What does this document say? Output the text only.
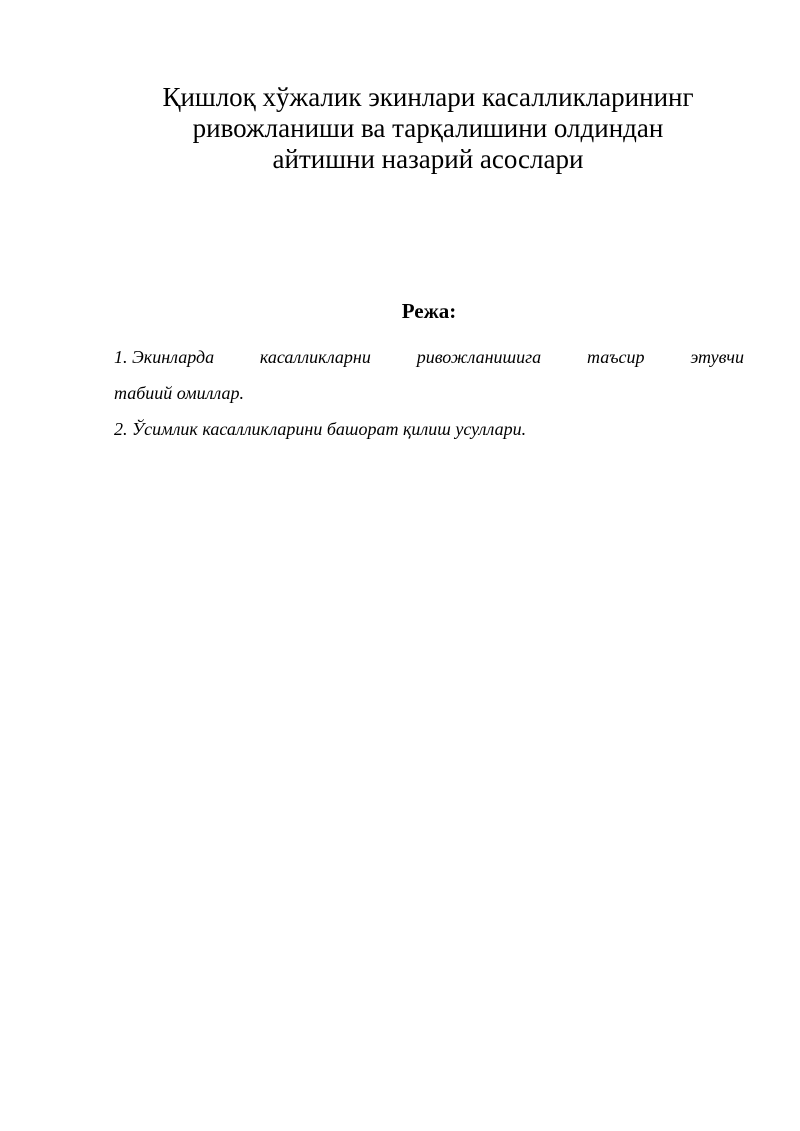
Қишлоқ хўжалик экинлари касалликларининг
ривожланиши ва тарқалишини олдиндан
айтишни назарий асослари
Режа:
1. Экинларда	касалликларни	ривожланишига	таъсир	этувчи
табиий омиллар.
2. Ўсимлик касалликларини башорат қилиш усуллари.
